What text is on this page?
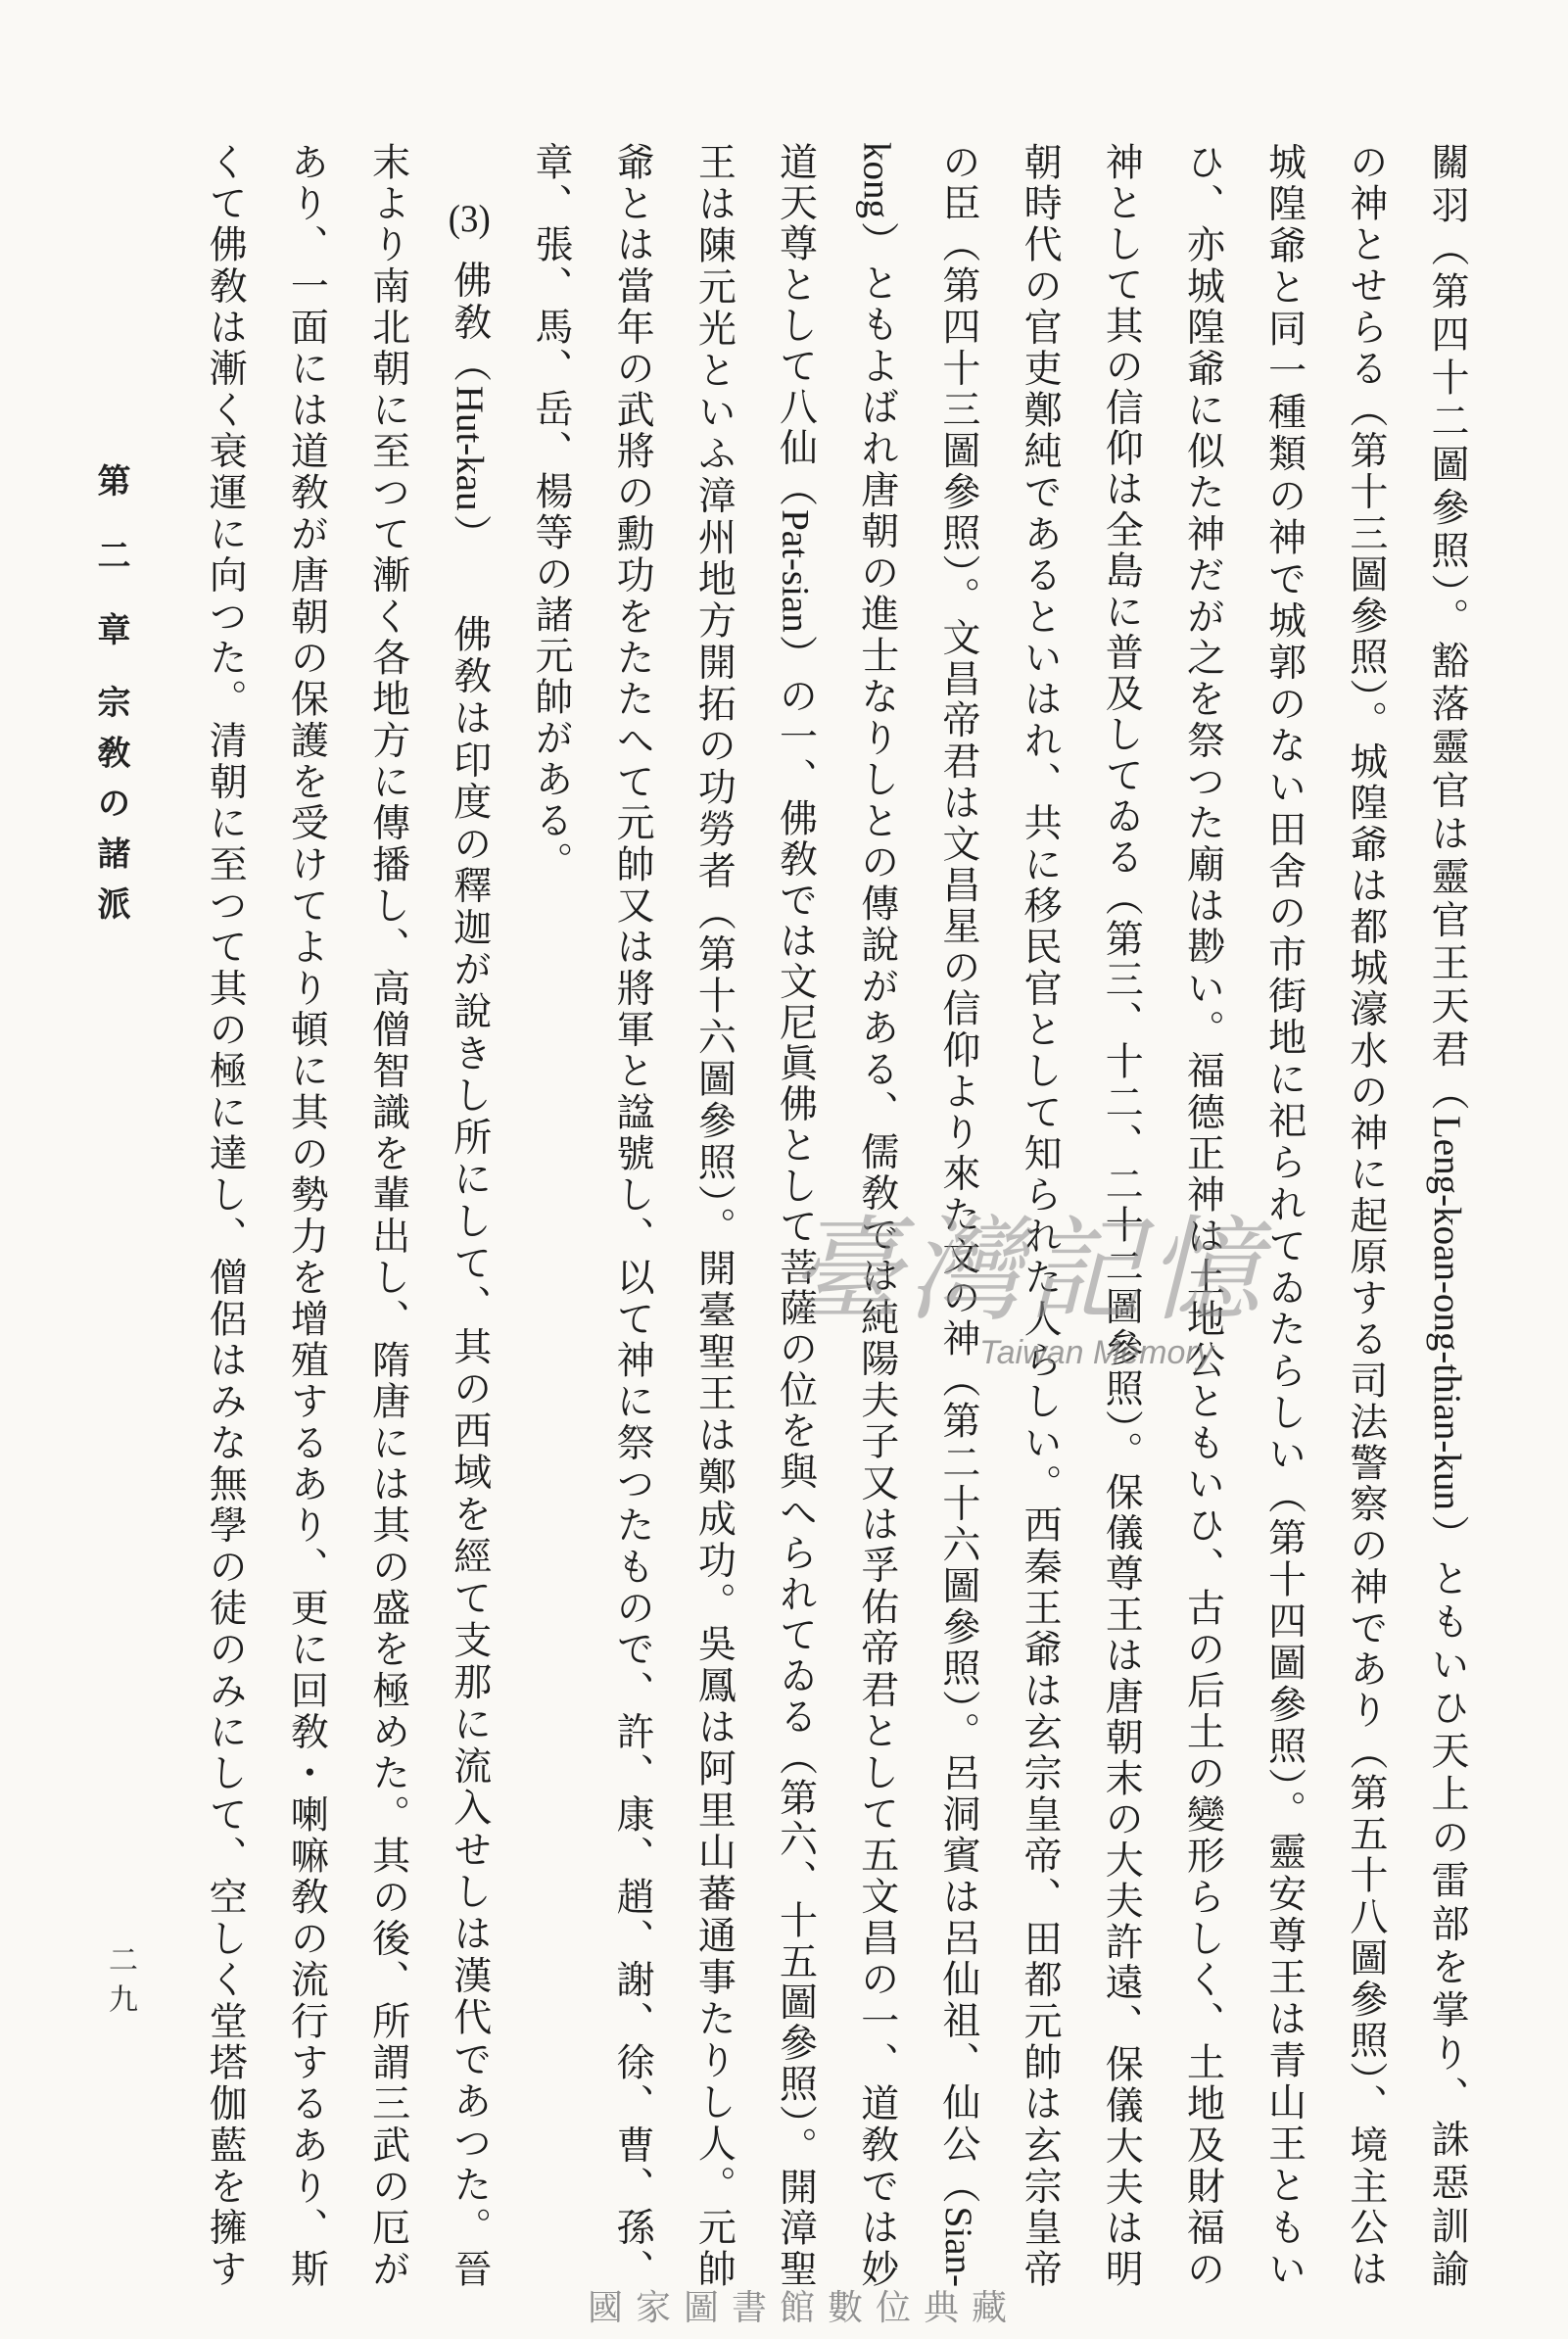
關羽（第四十二圖參照）。豁落靈官は靈官王天君（Leng-koan-ong-thian-kun）ともいひ天上の雷部を掌り、誅惡訓諭

の神とせらる（第十三圖參照）。城隍爺は都城濠水の神に起原する司法警察の神であり（第五十八圖參照）、境主公は

城隍爺と同一種類の神で城郭のない田舍の市街地に祀られてゐたらしい（第十四圖參照）。靈安尊王は青山王ともい

ひ、亦城隍爺に似た神だが之を祭つた廟は尠い。福德正神は土地公ともいひ、古の后土の變形らしく、土地及財福の

神として其の信仰は全島に普及してゐる（第三、十二、二十二圖參照）。保儀尊王は唐朝末の大夫許遠、保儀大夫は明

朝時代の官吏鄭純であるといはれ、共に移民官として知られた人らしい。西秦王爺は玄宗皇帝、田都元帥は玄宗皇帝

の臣（第四十三圖參照）。文昌帝君は文昌星の信仰より來た文の神（第二十六圖參照）。呂洞賓は呂仙祖、仙公（Sian-

kong）ともよばれ唐朝の進士なりしとの傳說がある、儒敎では純陽夫子又は孚佑帝君として五文昌の一、道敎では妙

道天尊として八仙（Pat-sian）の一、佛敎では文尼眞佛として菩薩の位を與へられてゐる（第六、十五圖參照）。開漳聖

王は陳元光といふ漳州地方開拓の功勞者（第十六圖參照）。開臺聖王は鄭成功。吳鳳は阿里山蕃通事たりし人。元帥

爺とは當年の武將の勳功をたたへて元帥又は將軍と諡號し、以て神に祭つたもので、許、康、趙、謝、徐、曹、孫、

章、張、馬、岳、楊等の諸元帥がある。

(3)佛敎（Hut-kau）佛敎は印度の釋迦が說きし所にして、其の西域を經て支那に流入せしは漢代であつた。晉

末より南北朝に至つて漸く各地方に傳播し、高僧智識を輩出し、隋唐には其の盛を極めた。其の後、所謂三武の厄が

あり、一面には道敎が唐朝の保護を受けてより頓に其の勢力を增殖するあり、更に回敎・喇嘛敎の流行するあり、斯

くて佛敎は漸く衰運に向つた。清朝に至つて其の極に達し、僧侶はみな無學の徒のみにして、空しく堂塔伽藍を擁す

第二章
宗敎の諸派
二九
臺灣記憶
Taiwan Memory
國家圖書館數位典藏
